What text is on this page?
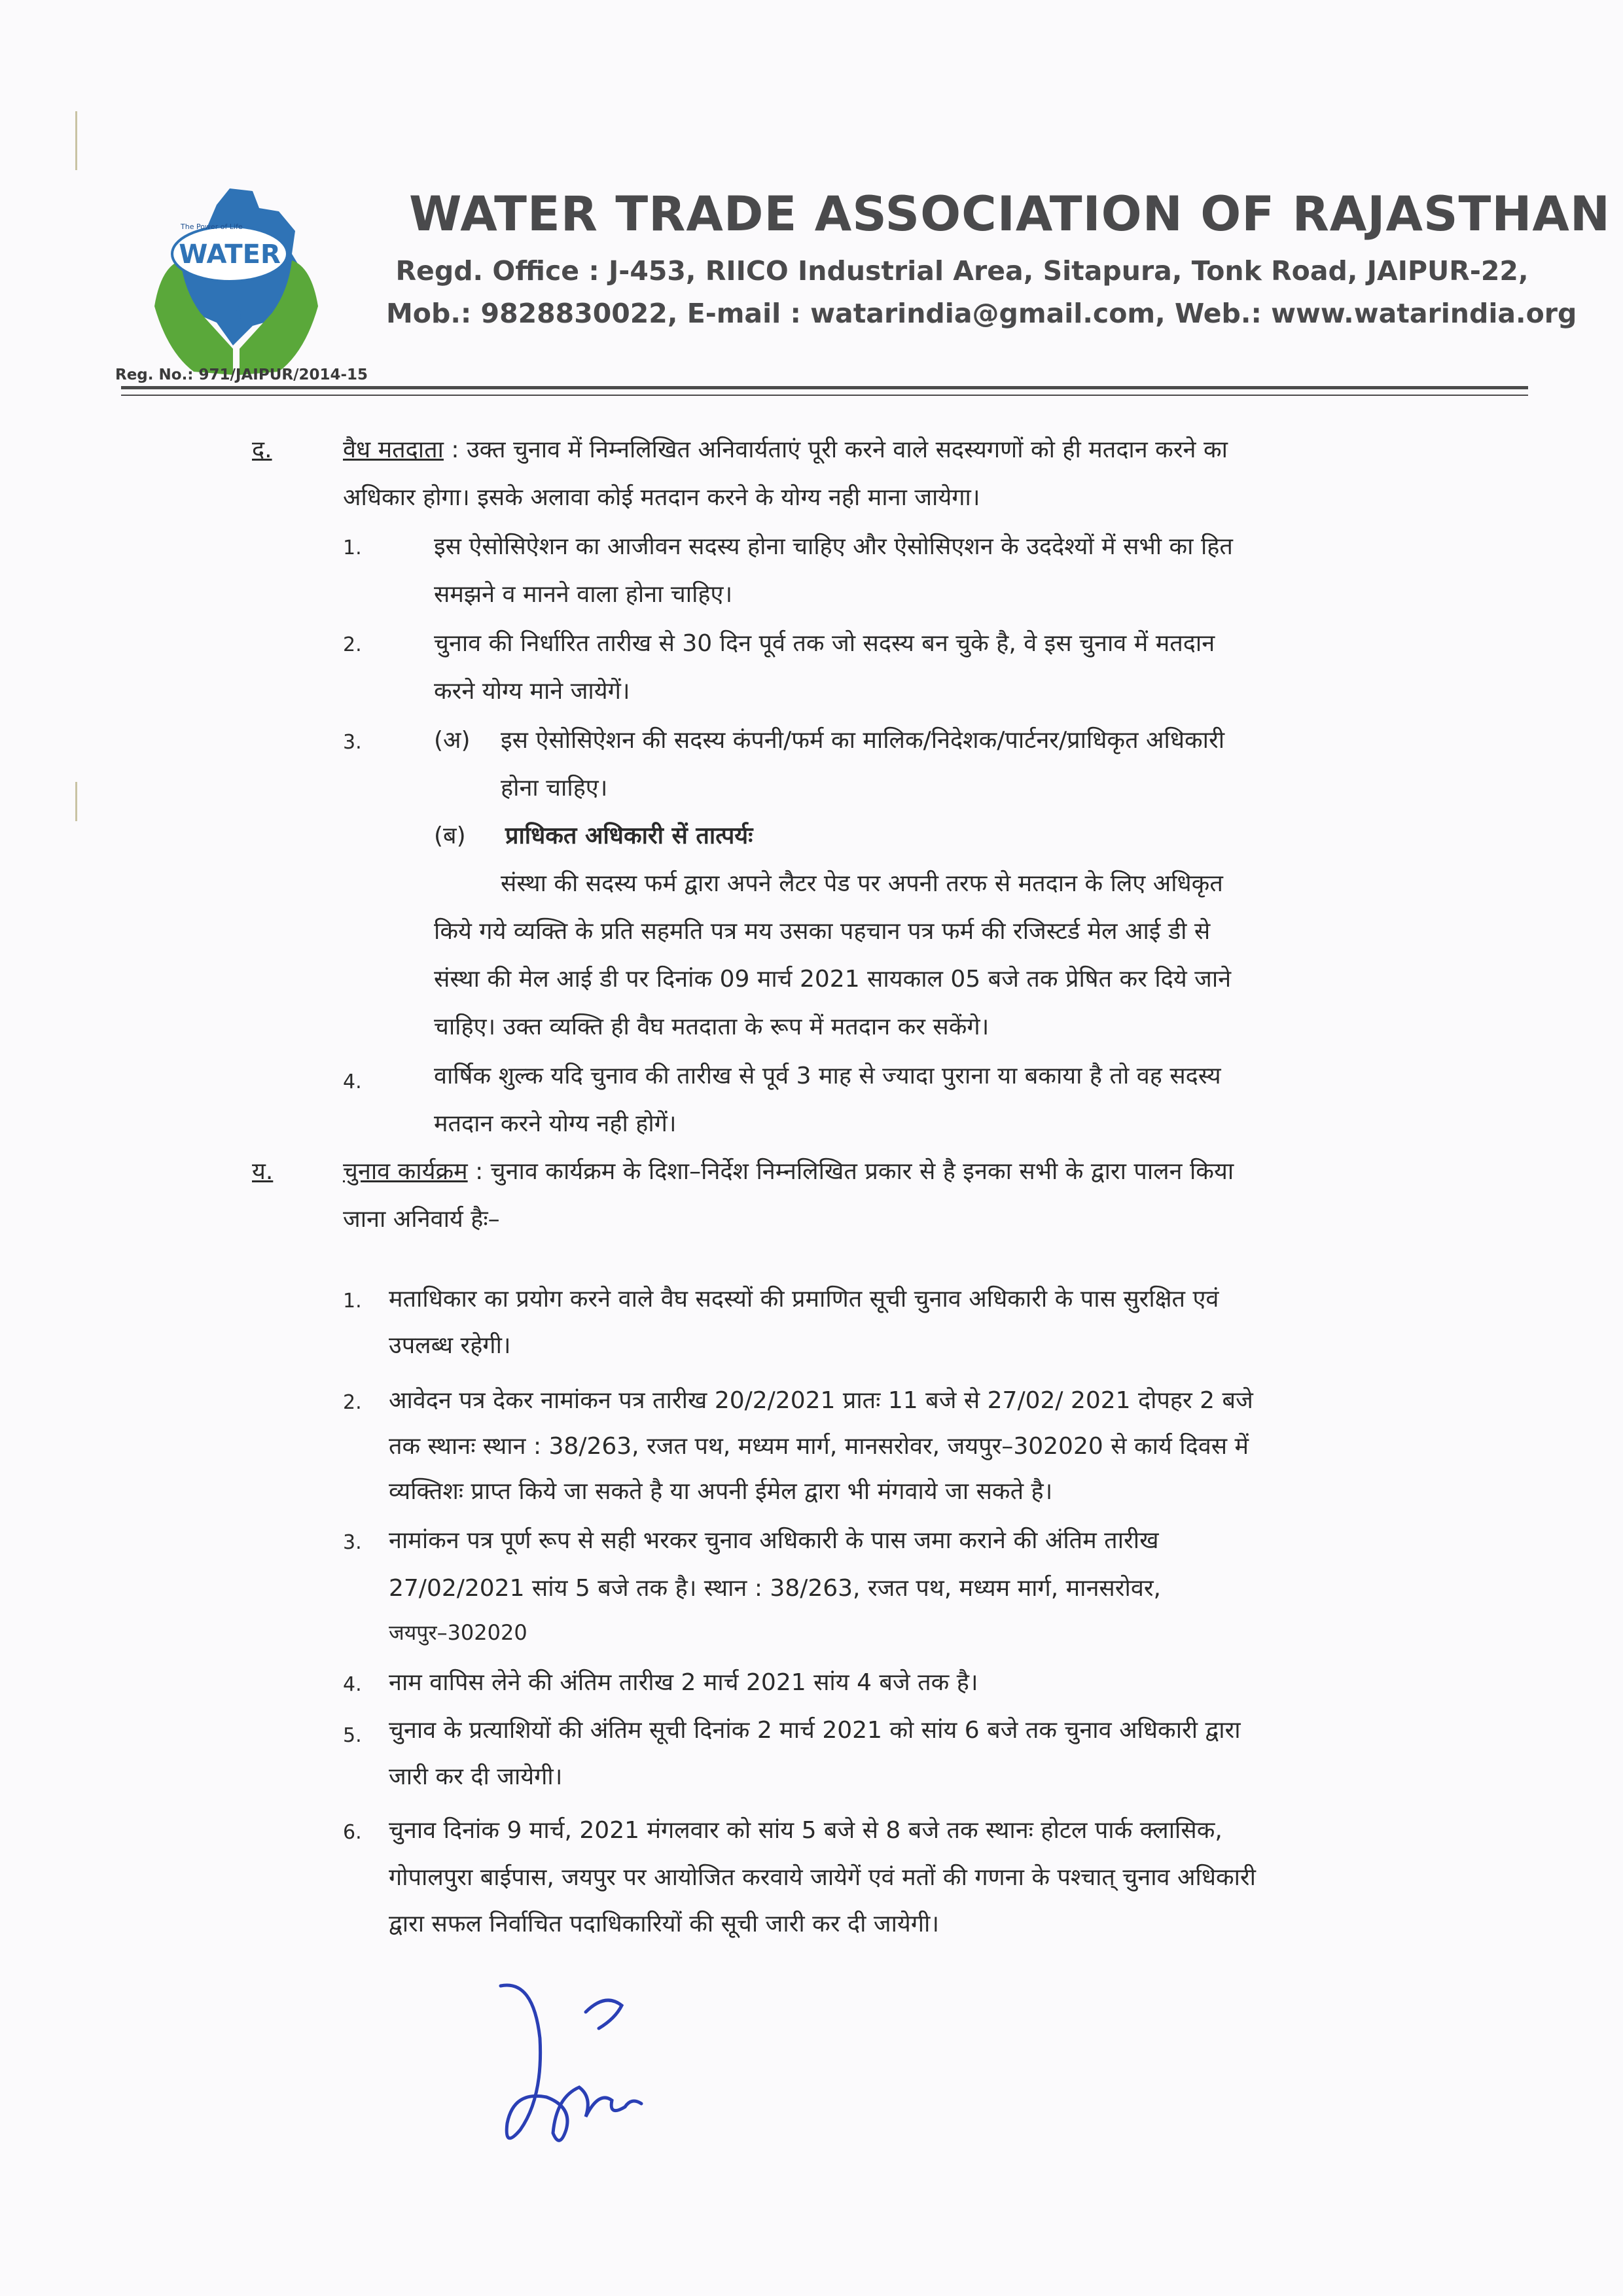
The Power of Life
WATER
WATER TRADE ASSOCIATION OF RAJASTHAN
Regd. Office : J-453, RIICO Industrial Area, Sitapura, Tonk Road, JAIPUR-22,
Mob.: 9828830022, E-mail : watarindia@gmail.com, Web.: www.watarindia.org
Reg. No.: 971/JAIPUR/2014-15
द.	वैध मतदाता : उक्त चुनाव में निम्नलिखित अनिवार्यताएं पूरी करने वाले सदस्यगणों को ही मतदान करने का
अधिकार होगा। इसके अलावा कोई मतदान करने के योग्य नही माना जायेगा।
1.	इस ऐसोसिऐशन का आजीवन सदस्य होना चाहिए और ऐसोसिएशन के उददेश्यों में सभी का हित
समझने व मानने वाला होना चाहिए।
2.	चुनाव की निर्धारित तारीख से 30 दिन पूर्व तक जो सदस्य बन चुके है, वे इस चुनाव में मतदान
करने योग्य माने जायेगें।
3.	(अ) इस ऐसोसिऐशन की सदस्य कंपनी/फर्म का मालिक/निदेशक/पार्टनर/प्राधिकृत अधिकारी
होना चाहिए।
(ब) प्राधिकत अधिकारी सें तात्पर्यः
संस्था की सदस्य फर्म द्वारा अपने लैटर पेड पर अपनी तरफ से मतदान के लिए अधिकृत
किये गये व्यक्ति के प्रति सहमति पत्र मय उसका पहचान पत्र फर्म की रजिस्टर्ड मेल आई डी से
संस्था की मेल आई डी पर दिनांक 09 मार्च 2021 सायकाल 05 बजे तक प्रेषित कर दिये जाने
चाहिए। उक्त व्यक्ति ही वैघ मतदाता के रूप में मतदान कर सकेंगे।
4.	वार्षिक शुल्क यदि चुनाव की तारीख से पूर्व 3 माह से ज्यादा पुराना या बकाया है तो वह सदस्य
मतदान करने योग्य नही होगें।
य.	चुनाव कार्यक्रम : चुनाव कार्यक्रम के दिशा–निर्देश निम्नलिखित प्रकार से है इनका सभी के द्वारा पालन किया
जाना अनिवार्य हैः–
1. मताधिकार का प्रयोग करने वाले वैघ सदस्यों की प्रमाणित सूची चुनाव अधिकारी के पास सुरक्षित एवं
उपलब्ध रहेगी।
2. आवेदन पत्र देकर नामांकन पत्र तारीख 20/2/2021 प्रातः 11 बजे से 27/02/ 2021 दोपहर 2 बजे
तक स्थानः स्थान : 38/263, रजत पथ, मध्यम मार्ग, मानसरोवर, जयपुर–302020 से कार्य दिवस में
व्यक्तिशः प्राप्त किये जा सकते है या अपनी ईमेल द्वारा भी मंगवाये जा सकते है।
3. नामांकन पत्र पूर्ण रूप से सही भरकर चुनाव अधिकारी के पास जमा कराने की अंतिम तारीख
27/02/2021 सांय 5 बजे तक है। स्थान : 38/263, रजत पथ, मध्यम मार्ग, मानसरोवर,
जयपुर–302020
4. नाम वापिस लेने की अंतिम तारीख 2 मार्च 2021 सांय 4 बजे तक है।
5. चुनाव के प्रत्याशियों की अंतिम सूची दिनांक 2 मार्च 2021 को सांय 6 बजे तक चुनाव अधिकारी द्वारा
जारी कर दी जायेगी।
6. चुनाव दिनांक 9 मार्च, 2021 मंगलवार को सांय 5 बजे से 8 बजे तक स्थानः होटल पार्क क्लासिक,
गोपालपुरा बाईपास, जयपुर पर आयोजित करवाये जायेगें एवं मतों की गणना के पश्चात् चुनाव अधिकारी
द्वारा सफल निर्वाचित पदाधिकारियों की सूची जारी कर दी जायेगी।
